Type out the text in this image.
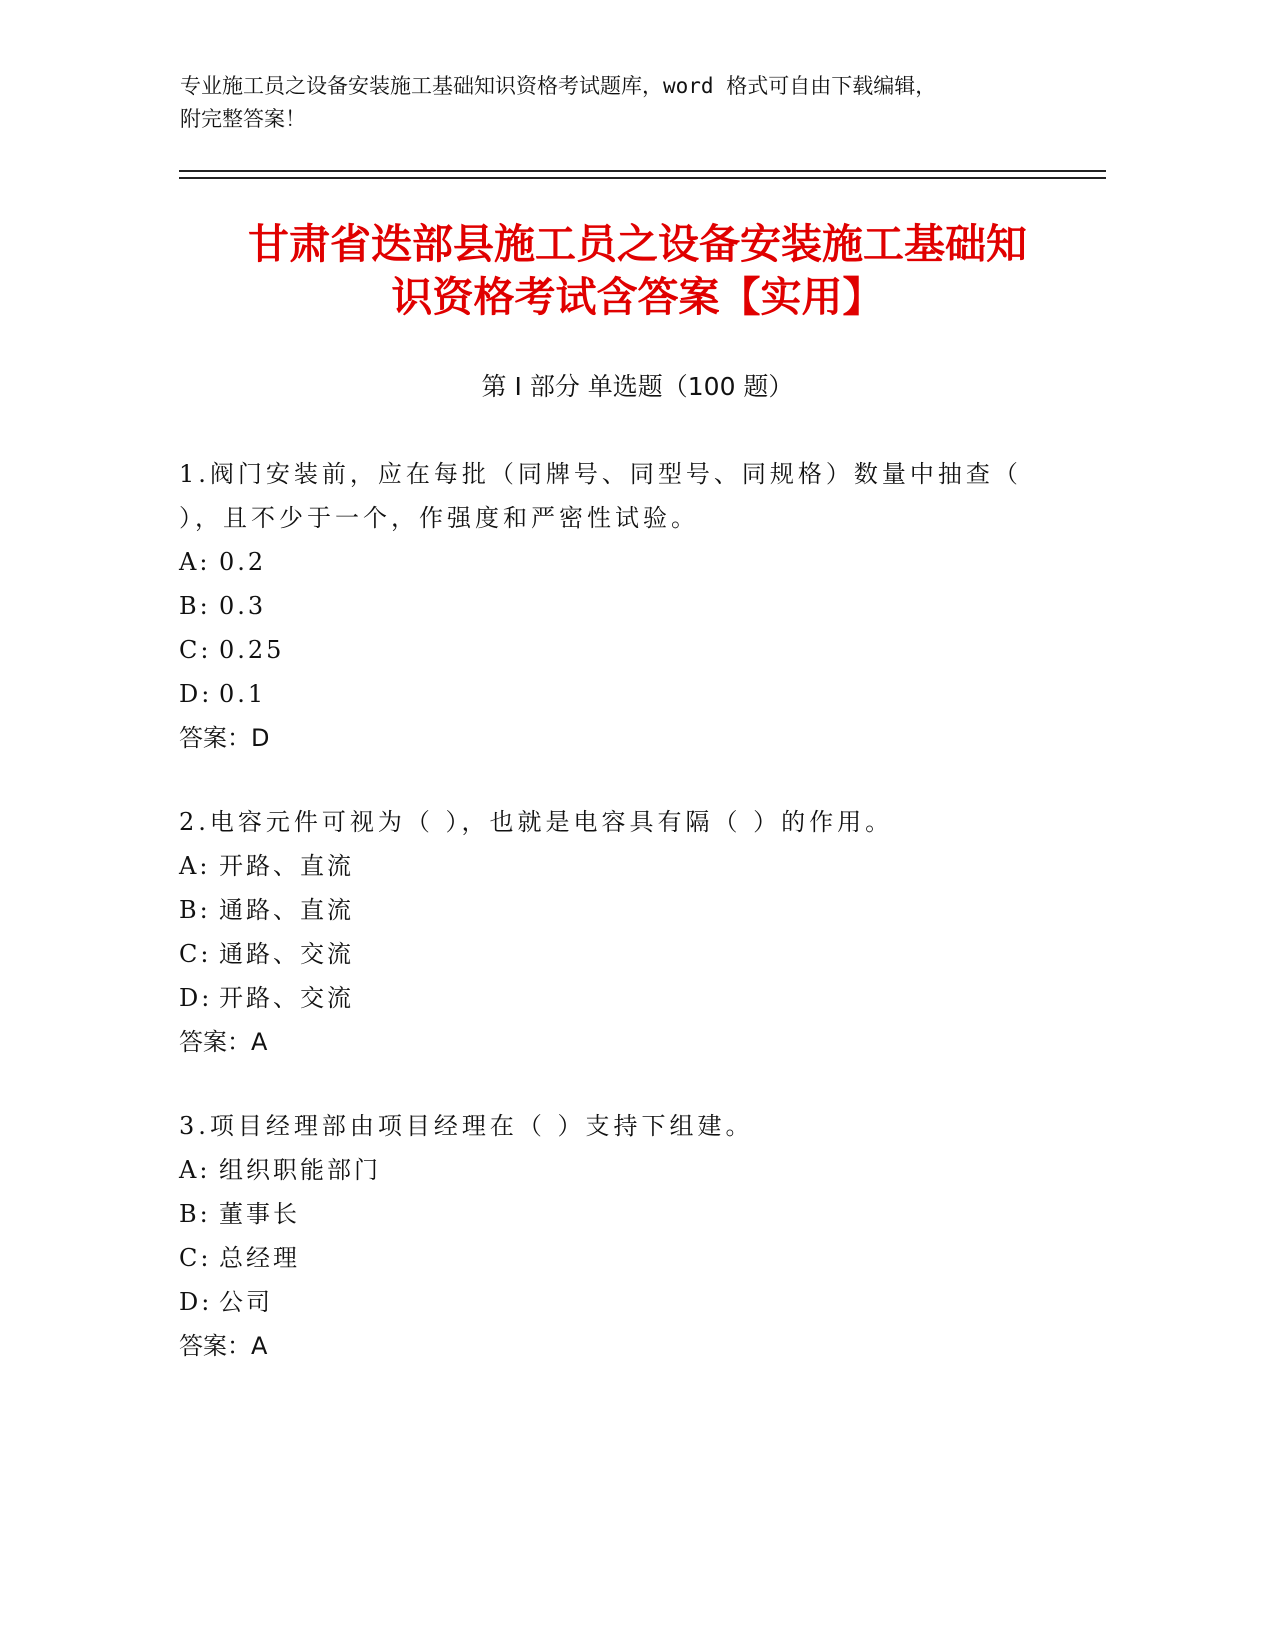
专业施工员之设备安装施工基础知识资格考试题库，word 格式可自由下载编辑，
附完整答案！
甘肃省迭部县施工员之设备安装施工基础知
识资格考试含答案【实用】
第 I 部分 单选题（100 题）

1.阀门安装前，应在每批（同牌号、同型号、同规格）数量中抽查（ ），且不少于一个，作强度和严密性试验。

A: 0.2

B: 0.3

C: 0.25

D: 0.1

答案：D

2.电容元件可视为（ ），也就是电容具有隔（ ）的作用。

A: 开路、直流

B: 通路、直流

C: 通路、交流

D: 开路、交流

答案：A

3.项目经理部由项目经理在（ ）支持下组建。

A: 组织职能部门

B: 董事长

C: 总经理

D: 公司

答案：A
